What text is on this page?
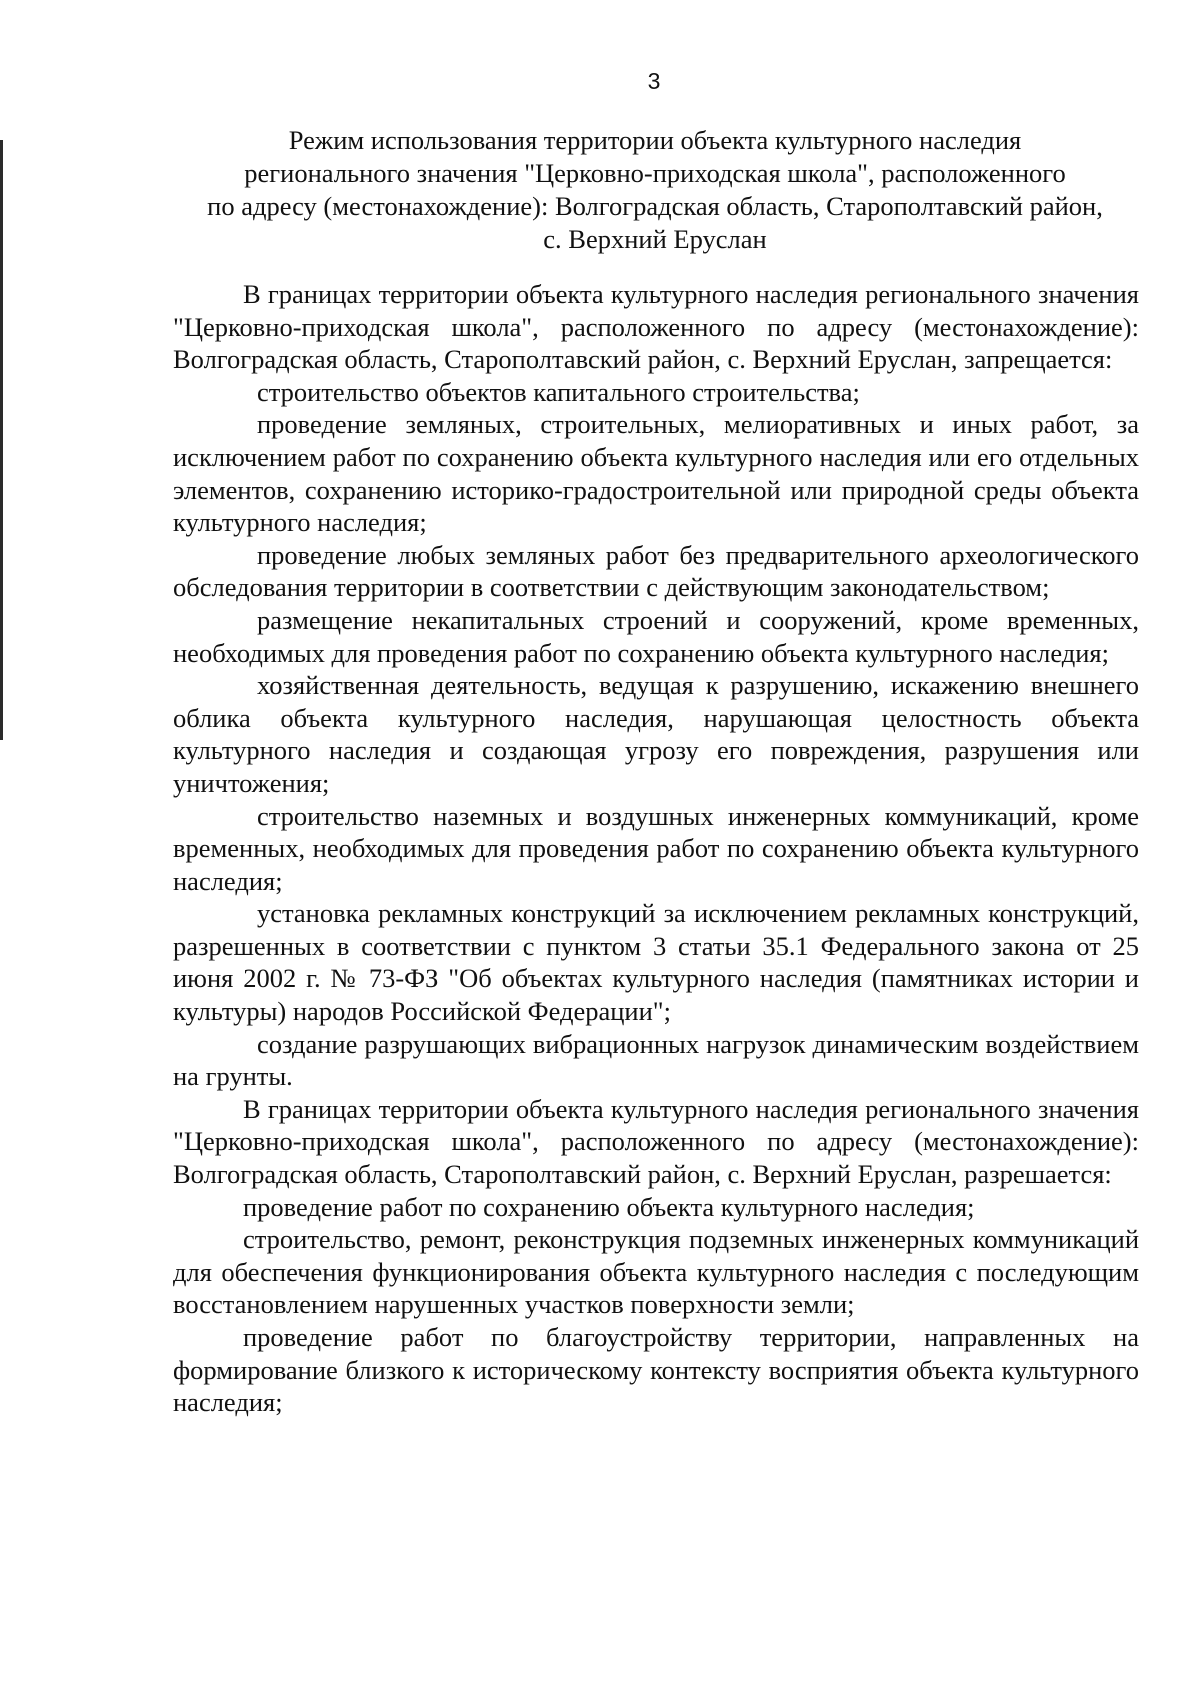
3
Режим использования территории объекта культурного наследия
регионального значения "Церковно-приходская школа", расположенного
по адресу (местонахождение): Волгоградская область, Старополтавский район,
с. Верхний Еруслан

В границах территории объекта культурного наследия регионального значения "Церковно-приходская школа", расположенного по адресу (местонахождение): Волгоградская область, Старополтавский район, с. Верхний Еруслан, запрещается:

строительство объектов капитального строительства;

проведение земляных, строительных, мелиоративных и иных работ, за исключением работ по сохранению объекта культурного наследия или его отдельных элементов, сохранению историко-градостроительной или природной среды объекта культурного наследия;

проведение любых земляных работ без предварительного археологического обследования территории в соответствии с действующим законодательством;

размещение некапитальных строений и сооружений, кроме временных, необходимых для проведения работ по сохранению объекта культурного наследия;

хозяйственная деятельность, ведущая к разрушению, искажению внешнего облика объекта культурного наследия, нарушающая целостность объекта культурного наследия и создающая угрозу его повреждения, разрушения или уничтожения;

строительство наземных и воздушных инженерных коммуникаций, кроме временных, необходимых для проведения работ по сохранению объекта культурного наследия;

установка рекламных конструкций за исключением рекламных конструкций, разрешенных в соответствии с пунктом 3 статьи 35.1 Федерального закона от 25 июня 2002 г. № 73-ФЗ "Об объектах культурного наследия (памятниках истории и культуры) народов Российской Федерации";

создание разрушающих вибрационных нагрузок динамическим воздействием на грунты.

В границах территории объекта культурного наследия регионального значения "Церковно-приходская школа", расположенного по адресу (местонахождение): Волгоградская область, Старополтавский район, с. Верхний Еруслан, разрешается:

проведение работ по сохранению объекта культурного наследия;

строительство, ремонт, реконструкция подземных инженерных коммуникаций для обеспечения функционирования объекта культурного наследия с последующим восстановлением нарушенных участков поверхности земли;

проведение работ по благоустройству территории, направленных на формирование близкого к историческому контексту восприятия объекта культурного наследия;
